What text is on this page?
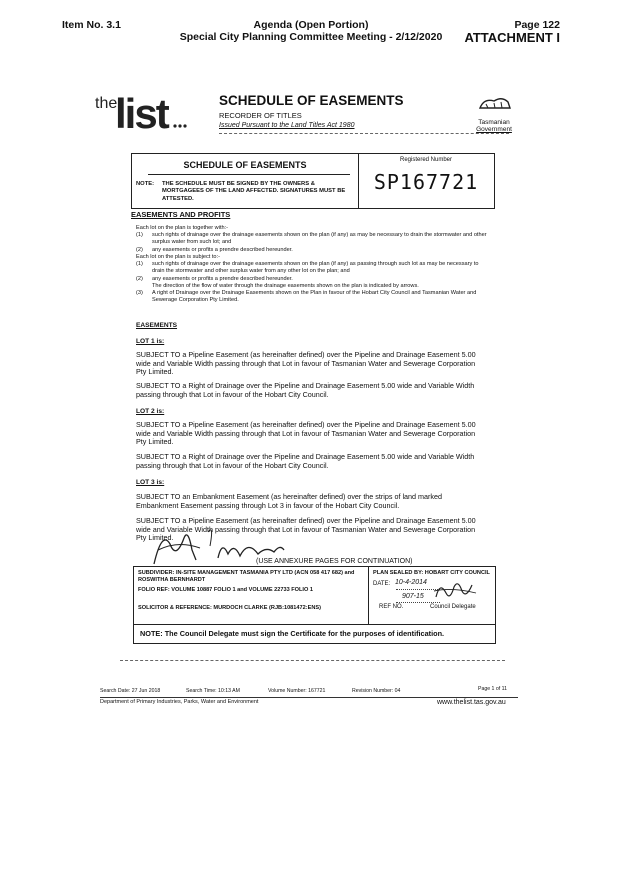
Item No. 3.1	Agenda (Open Portion)
Special City Planning Committee Meeting - 2/12/2020
Page 122
ATTACHMENT I
the
list	SCHEDULE OF EASEMENTS
RECORDER OF TITLES
Issued Pursuant to the Land Titles Act 1980	Tasmanian
Government
SCHEDULE OF EASEMENTS
NOTE: THE SCHEDULE MUST BE SIGNED BY THE OWNERS & MORTGAGEES OF THE LAND AFFECTED. SIGNATURES MUST BE ATTESTED.
Registered Number
SP167721
EASEMENTS AND PROFITS
Each lot on the plan is together with:-
(1) such rights of drainage over the drainage easements shown on the plan (if any) as may be necessary to drain the stormwater and other surplus water from such lot; and
(2) any easements or profits a prendre described hereunder.
Each lot on the plan is subject to:-
(1) such rights of drainage over the drainage easements shown on the plan (if any) as passing through such lot as may be necessary to drain the stormwater and other surplus water from any other lot on the plan; and
(2) any easements or profits a prendre described hereunder.
The direction of the flow of water through the drainage easements shown on the plan is indicated by arrows.
(3) A right of Drainage over the Drainage Easements shown on the Plan in favour of the Hobart City Council and Tasmanian Water and Sewerage Corporation Pty Limited.
EASEMENTS
LOT 1 is:
SUBJECT TO a Pipeline Easement (as hereinafter defined) over the Pipeline and Drainage Easement 5.00 wide and Variable Width passing through that Lot in favour of Tasmanian Water and Sewerage Corporation Pty Limited.
SUBJECT TO a Right of Drainage over the Pipeline and Drainage Easement 5.00 wide and Variable Width passing through that Lot in favour of the Hobart City Council.
LOT 2 is:
SUBJECT TO a Pipeline Easement (as hereinafter defined) over the Pipeline and Drainage Easement 5.00 wide and Variable Width passing through that Lot in favour of Tasmanian Water and Sewerage Corporation Pty Limited.
SUBJECT TO a Right of Drainage over the Pipeline and Drainage Easement 5.00 wide and Variable Width passing through that Lot in favour of the Hobart City Council.
LOT 3 is:
SUBJECT TO an Embankment Easement (as hereinafter defined) over the strips of land marked Embankment Easement passing through Lot 3 in favour of the Hobart City Council.
SUBJECT TO a Pipeline Easement (as hereinafter defined) over the Pipeline and Drainage Easement 5.00 wide and Variable Width passing through that Lot in favour of Tasmanian Water and Sewerage Corporation Pty Limited.
(USE ANNEXURE PAGES FOR CONTINUATION)
SUBDIVIDER: IN-SITE MANAGEMENT TASMANIA PTY LTD (ACN 058 417 682) and ROSWITHA BERNHARDT
FOLIO REF: VOLUME 10887 FOLIO 1 and VOLUME 22733 FOLIO 1
SOLICITOR & REFERENCE: MURDOCH CLARKE (RJB:1081472:ENS)
PLAN SEALED BY: HOBART CITY COUNCIL
DATE: 10-4-2014
907-15
REF NO.	Council Delegate
NOTE: The Council Delegate must sign the Certificate for the purposes of identification.
Search Date: 27 Jun 2018	Search Time: 10:13 AM	Volume Number: 167721	Revision Number: 04	Page 1 of 11
Department of Primary Industries, Parks, Water and Environment	www.thelist.tas.gov.au
